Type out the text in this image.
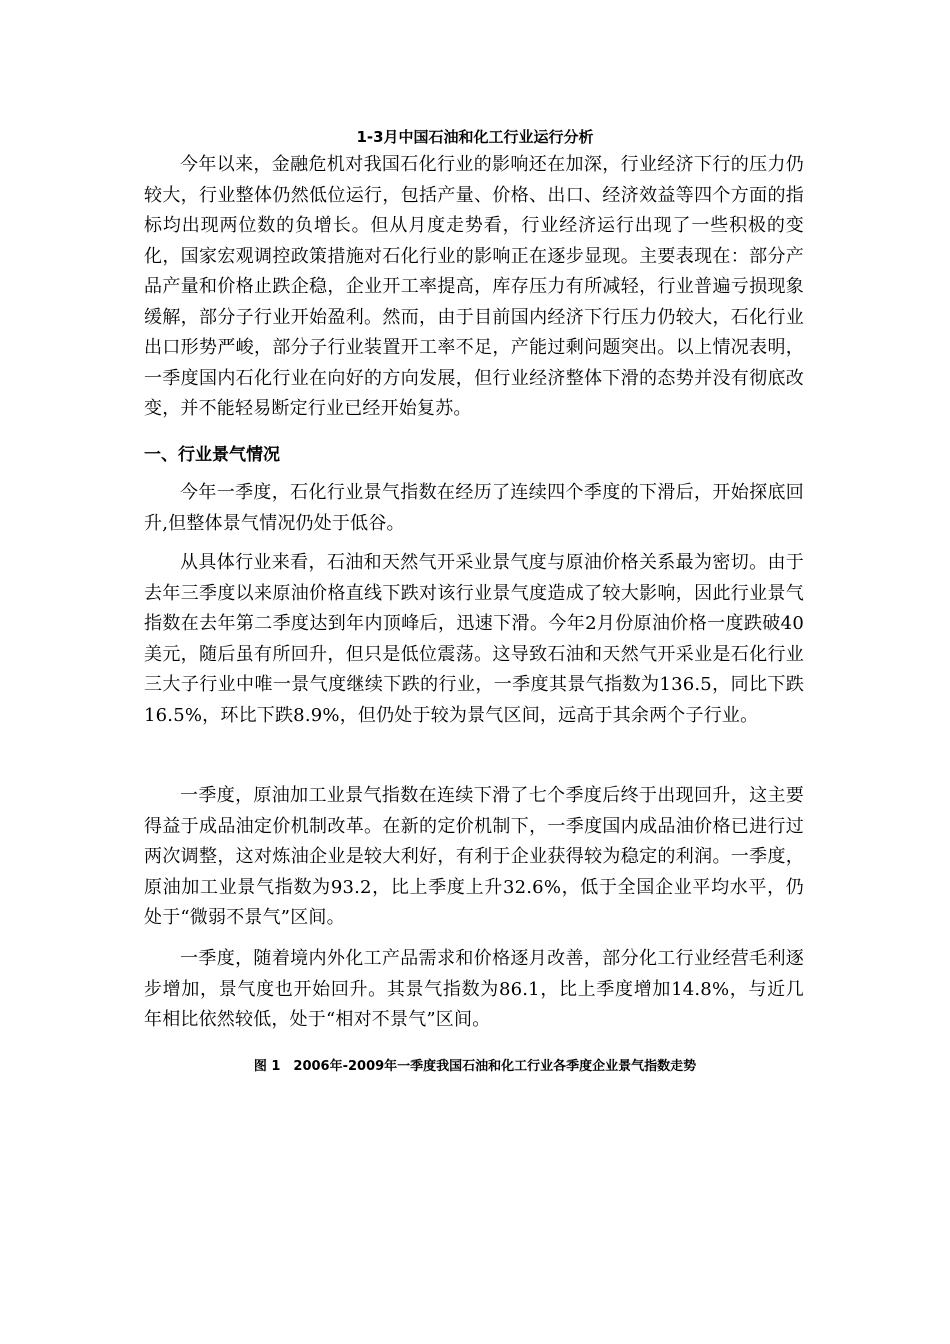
1-3月中国石油和化工行业运行分析

今年以来，金融危机对我国石化行业的影响还在加深，行业经济下行的压力仍较大，行业整体仍然低位运行，包括产量、价格、出口、经济效益等四个方面的指标均出现两位数的负增长。但从月度走势看，行业经济运行出现了一些积极的变化，国家宏观调控政策措施对石化行业的影响正在逐步显现。主要表现在：部分产品产量和价格止跌企稳，企业开工率提高，库存压力有所减轻，行业普遍亏损现象缓解，部分子行业开始盈利。然而，由于目前国内经济下行压力仍较大，石化行业出口形势严峻，部分子行业装置开工率不足，产能过剩问题突出。以上情况表明，一季度国内石化行业在向好的方向发展，但行业经济整体下滑的态势并没有彻底改变，并不能轻易断定行业已经开始复苏。

一、行业景气情况

今年一季度，石化行业景气指数在经历了连续四个季度的下滑后，开始探底回升,但整体景气情况仍处于低谷。

从具体行业来看，石油和天然气开采业景气度与原油价格关系最为密切。由于去年三季度以来原油价格直线下跌对该行业景气度造成了较大影响，因此行业景气指数在去年第二季度达到年内顶峰后，迅速下滑。今年2月份原油价格一度跌破40美元，随后虽有所回升，但只是低位震荡。这导致石油和天然气开采业是石化行业三大子行业中唯一景气度继续下跌的行业，一季度其景气指数为136.5，同比下跌16.5%，环比下跌8.9%，但仍处于较为景气区间，远高于其余两个子行业。

一季度，原油加工业景气指数在连续下滑了七个季度后终于出现回升，这主要得益于成品油定价机制改革。在新的定价机制下，一季度国内成品油价格已进行过两次调整，这对炼油企业是较大利好，有利于企业获得较为稳定的利润。一季度，原油加工业景气指数为93.2，比上季度上升32.6%，低于全国企业平均水平，仍处于“微弱不景气”区间。

一季度，随着境内外化工产品需求和价格逐月改善，部分化工行业经营毛利逐步增加，景气度也开始回升。其景气指数为86.1，比上季度增加14.8%，与近几年相比依然较低，处于“相对不景气”区间。

图 1　2006年-2009年一季度我国石油和化工行业各季度企业景气指数走势
